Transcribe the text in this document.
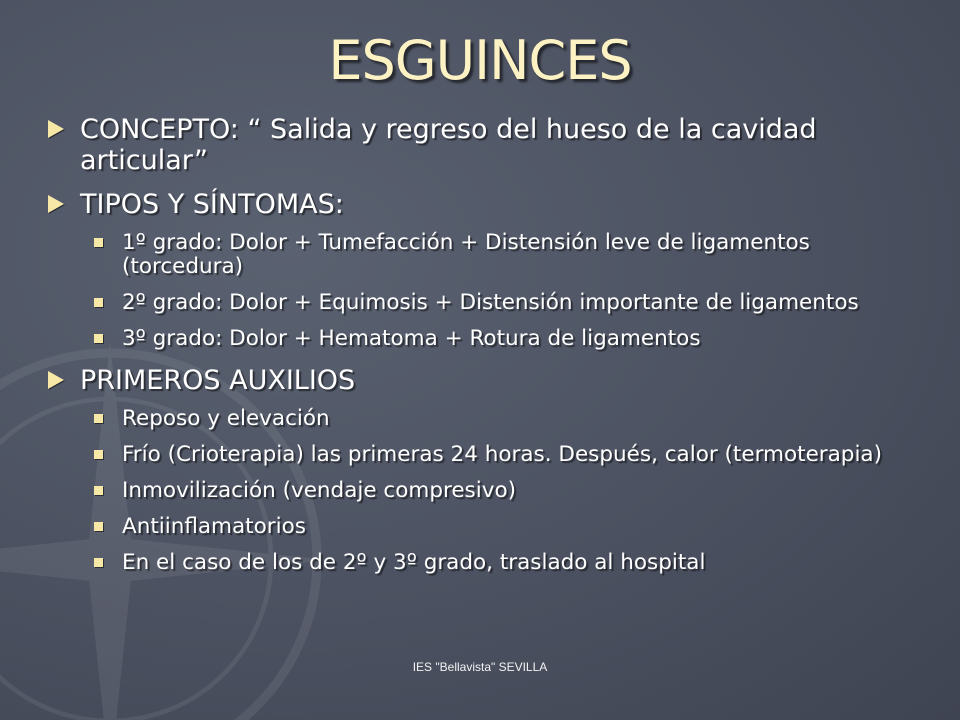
ESGUINCES
CONCEPTO: “ Salida y regreso del hueso de la cavidad articular”
TIPOS Y SÍNTOMAS:
1º grado: Dolor + Tumefacción + Distensión leve de ligamentos (torcedura)
2º grado: Dolor + Equimosis + Distensión importante de ligamentos
3º grado: Dolor + Hematoma + Rotura de ligamentos
PRIMEROS AUXILIOS
Reposo y elevación
Frío (Crioterapia) las primeras 24 horas. Después, calor (termoterapia)
Inmovilización (vendaje compresivo)
Antiinflamatorios
En el caso de los de 2º y 3º grado, traslado al hospital
IES "Bellavista" SEVILLA
